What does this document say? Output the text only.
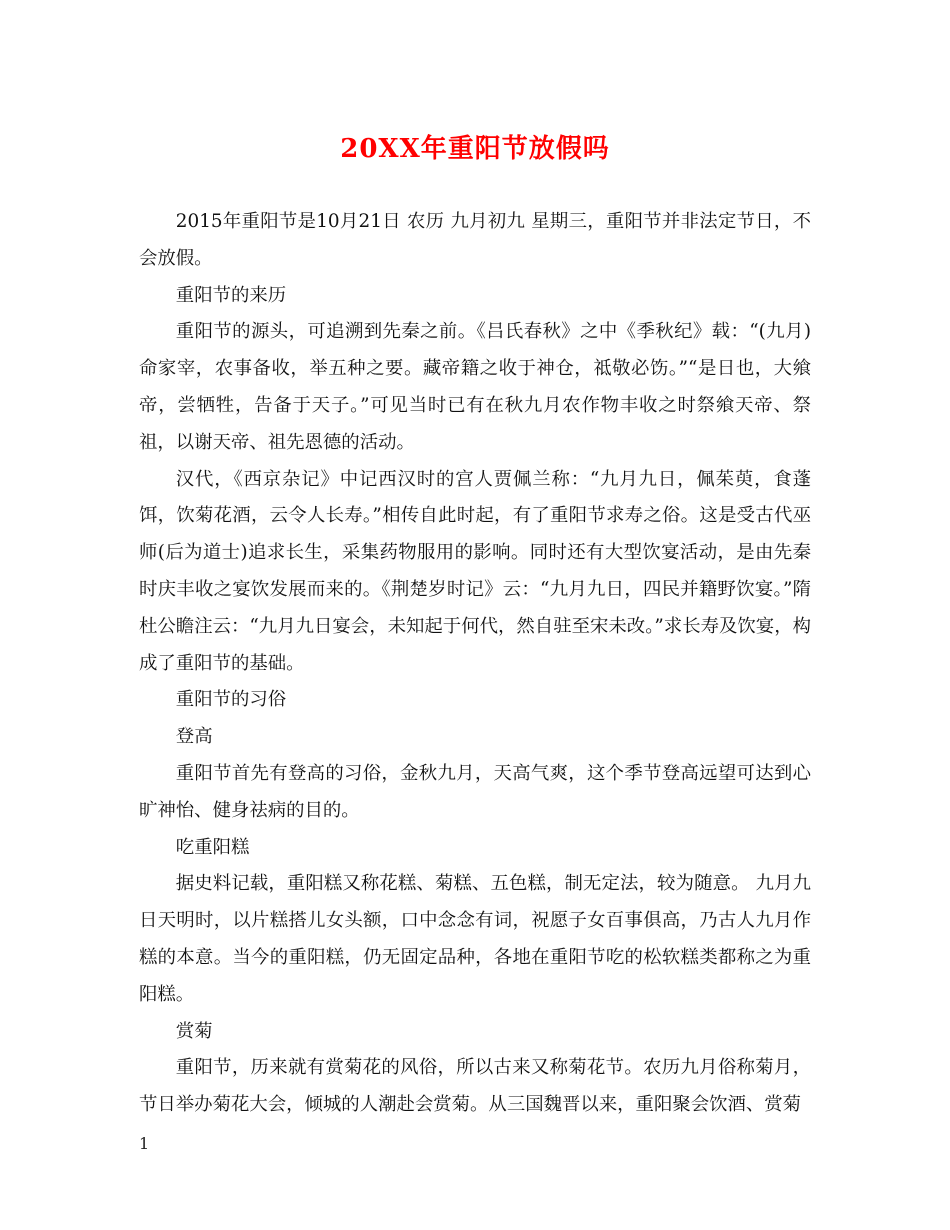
20XX年重阳节放假吗

2015年重阳节是10月21日 农历 九月初九 星期三，重阳节并非法定节日，不会放假。

重阳节的来历

重阳节的源头，可追溯到先秦之前。《吕氏春秋》之中《季秋纪》载：“(九月)命家宰，农事备收，举五种之要。藏帝籍之收于神仓，祗敬必饬。”“是日也，大飨帝，尝牺牲，告备于天子。”可见当时已有在秋九月农作物丰收之时祭飨天帝、祭祖，以谢天帝、祖先恩德的活动。

汉代，《西京杂记》中记西汉时的宫人贾佩兰称：“九月九日，佩茱萸，食蓬饵，饮菊花酒，云令人长寿。”相传自此时起，有了重阳节求寿之俗。这是受古代巫师(后为道士)追求长生，采集药物服用的影响。同时还有大型饮宴活动，是由先秦时庆丰收之宴饮发展而来的。《荆楚岁时记》云：“九月九日，四民并籍野饮宴。”隋杜公瞻注云：“九月九日宴会，未知起于何代，然自驻至宋未改。”求长寿及饮宴，构成了重阳节的基础。

重阳节的习俗

登高

重阳节首先有登高的习俗，金秋九月，天高气爽，这个季节登高远望可达到心旷神怡、健身祛病的目的。

吃重阳糕

据史料记载，重阳糕又称花糕、菊糕、五色糕，制无定法，较为随意。 九月九日天明时，以片糕搭儿女头额，口中念念有词，祝愿子女百事俱高，乃古人九月作糕的本意。当今的重阳糕，仍无固定品种，各地在重阳节吃的松软糕类都称之为重阳糕。

赏菊

重阳节，历来就有赏菊花的风俗，所以古来又称菊花节。农历九月俗称菊月，节日举办菊花大会，倾城的人潮赴会赏菊。从三国魏晋以来，重阳聚会饮酒、赏菊

1
